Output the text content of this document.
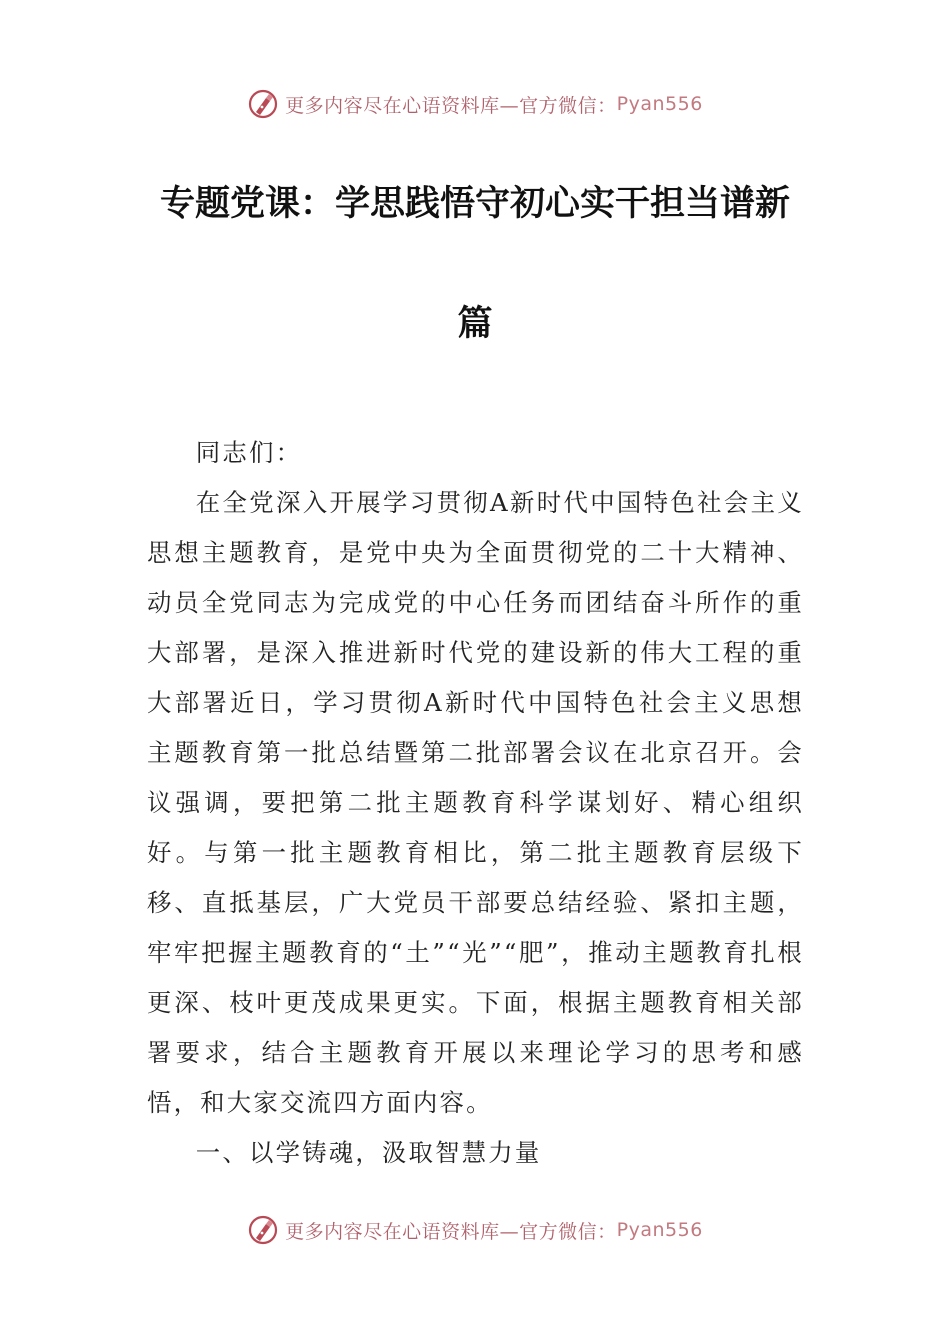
更多内容尽在心语资料库—官方微信： Pyan556
专题党课：学思践悟守初心实干担当谱新
篇

同志们：

在全党深入开展学习贯彻A新时代中国特色社会主义思想主题教育，是党中央为全面贯彻党的二十大精神、动员全党同志为完成党的中心任务而团结奋斗所作的重大部署，是深入推进新时代党的建设新的伟大工程的重大部署近日，学习贯彻A新时代中国特色社会主义思想主题教育第一批总结暨第二批部署会议在北京召开。会议强调，要把第二批主题教育科学谋划好、精心组织好。与第一批主题教育相比，第二批主题教育层级下移、直抵基层，广大党员干部要总结经验、紧扣主题，牢牢把握主题教育的“土”“光”“肥”，推动主题教育扎根更深、枝叶更茂成果更实。下面，根据主题教育相关部署要求，结合主题教育开展以来理论学习的思考和感悟，和大家交流四方面内容。

一、以学铸魂，汲取智慧力量

更多内容尽在心语资料库—官方微信： Pyan556
